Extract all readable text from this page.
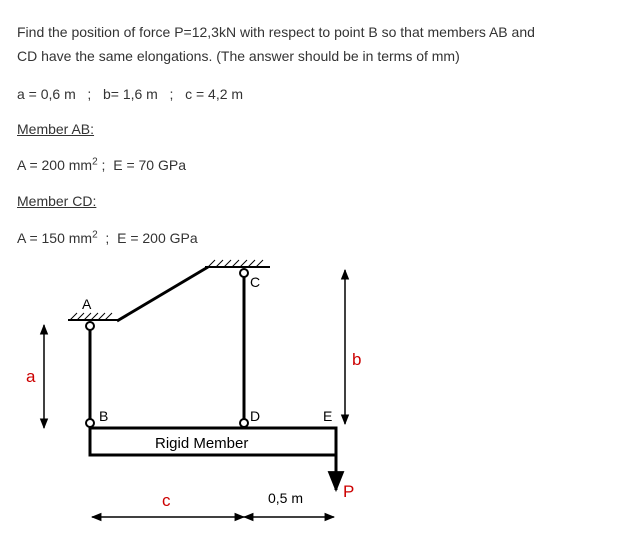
Find the position of force P=12,3kN with respect to point B so that members AB and
CD have the same elongations. (The answer should be in terms of mm)
a = 0,6 m   ;   b= 1,6 m   ;   c = 4,2 m
Member AB:
A = 200 $mm^2$ ;  E = 70 GPa
Member CD:
A = 150 $mm^2$  ;  E = 200 GPa
A
B
C
D	E
Rigid Member
0,5 m
a
b
c	P
